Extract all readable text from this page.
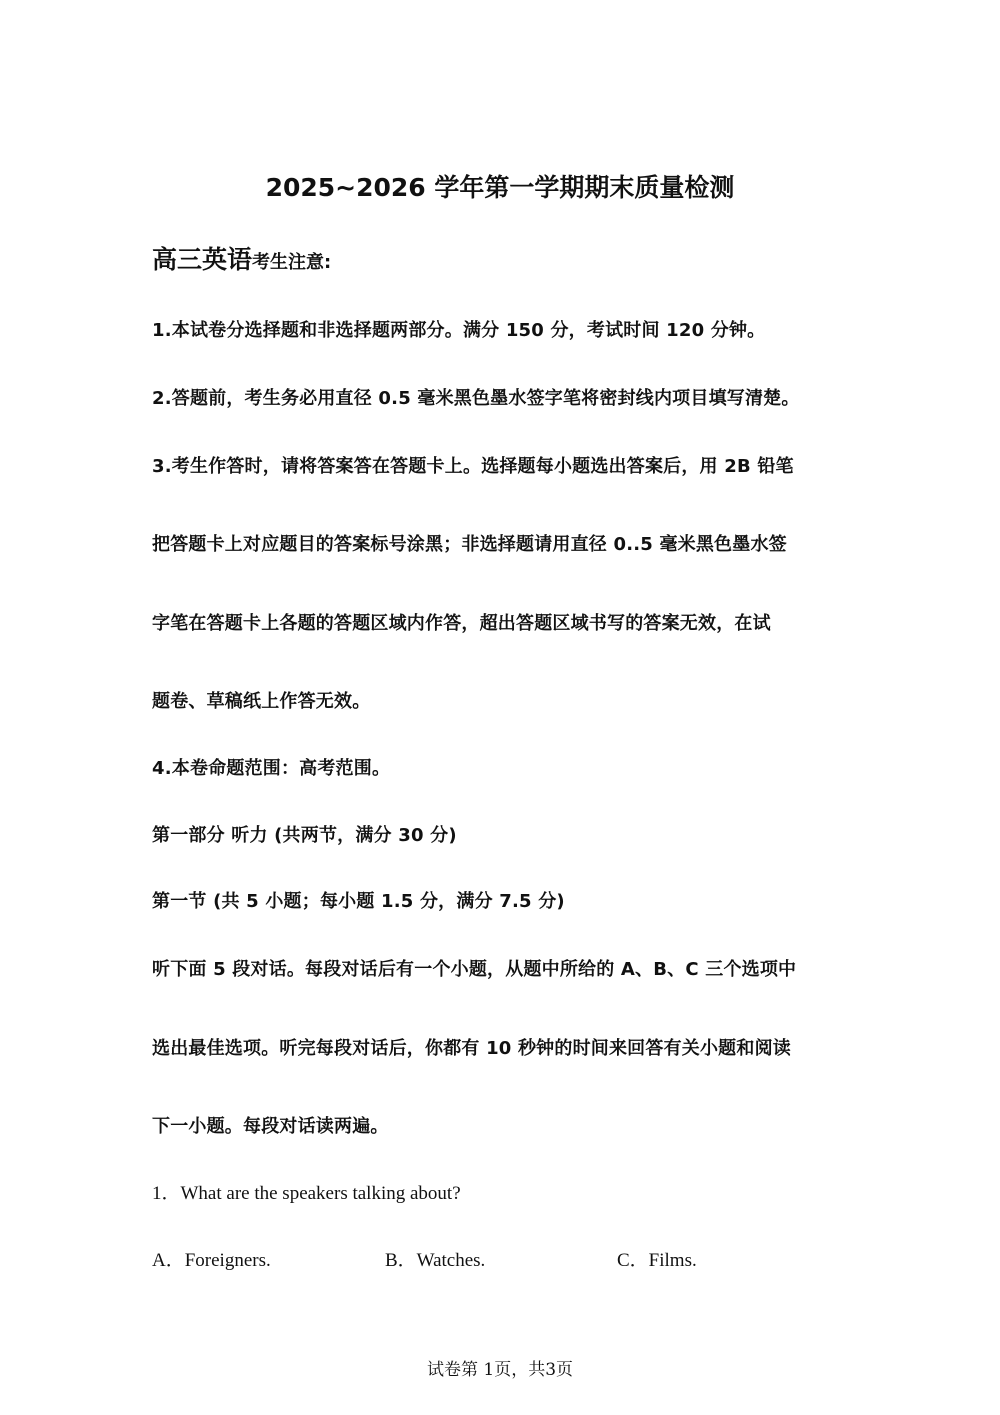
2025~2026 学年第一学期期末质量检测
高三英语考生注意:
1.本试卷分选择题和非选择题两部分。满分 150 分，考试时间 120 分钟。
2.答题前，考生务必用直径 0.5 毫米黑色墨水签字笔将密封线内项目填写清楚。
3.考生作答时，请将答案答在答题卡上。选择题每小题选出答案后，用 2B 铅笔
把答题卡上对应题目的答案标号涂黑；非选择题请用直径 0..5 毫米黑色墨水签
字笔在答题卡上各题的答题区域内作答，超出答题区域书写的答案无效，在试
题卷、草稿纸上作答无效。
4.本卷命题范围：高考范围。
第一部分 听力 (共两节，满分 30 分)
第一节 (共 5 小题；每小题 1.5 分，满分 7.5 分)
听下面 5 段对话。每段对话后有一个小题，从题中所给的 A、B、C 三个选项中
选出最佳选项。听完每段对话后，你都有 10 秒钟的时间来回答有关小题和阅读
下一小题。每段对话读两遍。
1．What are the speakers talking about?
A．Foreigners.	B．Watches.	C．Films.
试卷第 1页，共3页
